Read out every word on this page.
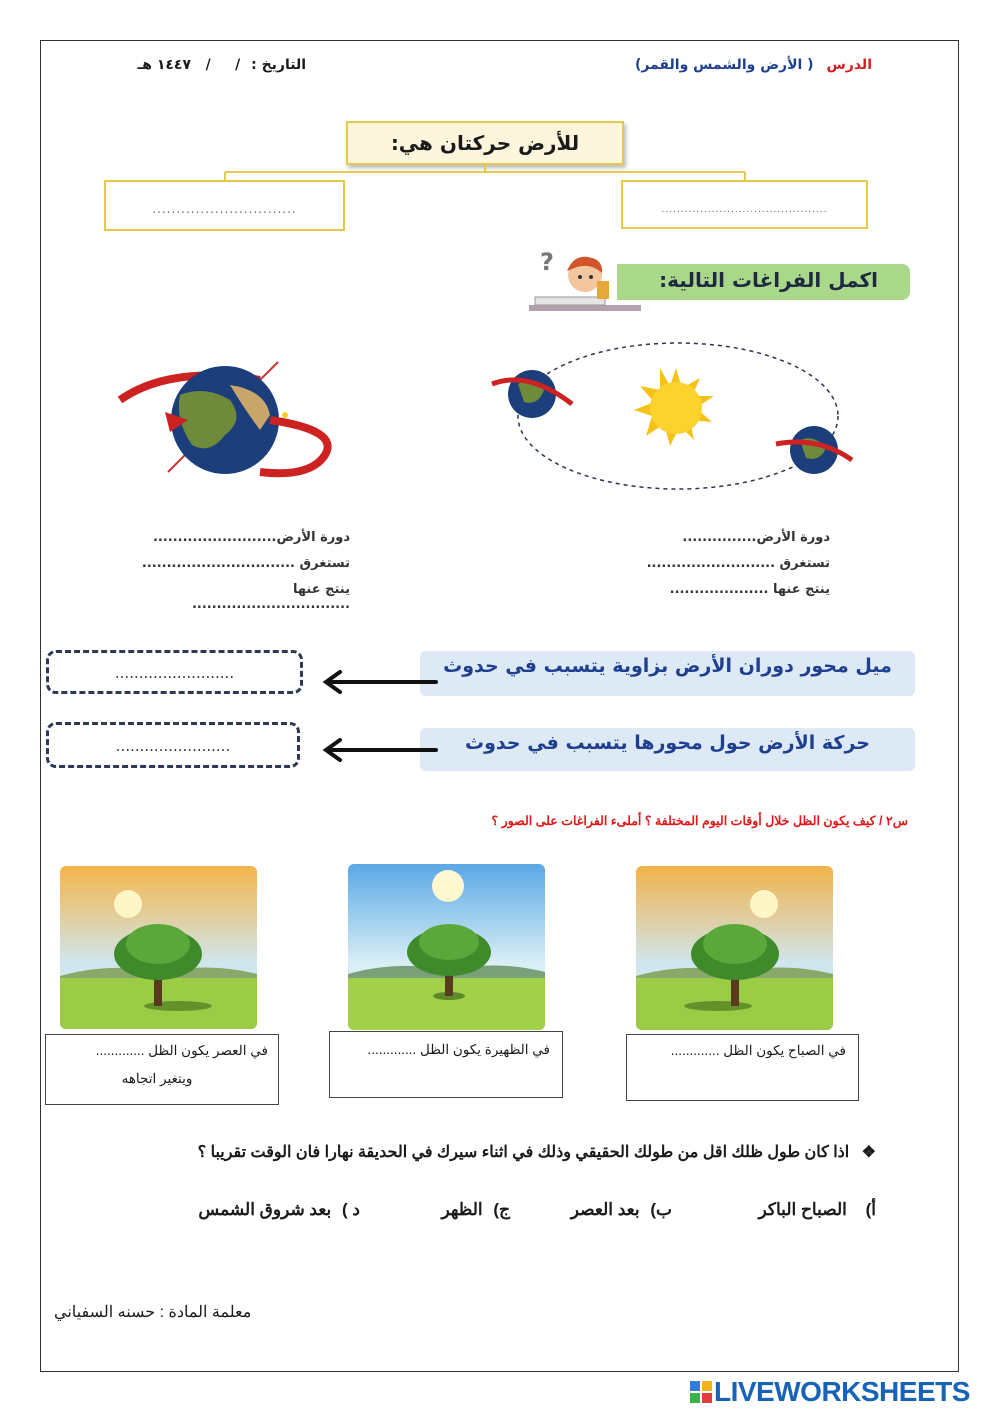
الدرس ( الأرض والشمس والقمر)
التاريخ : /     /   ١٤٤٧ هـ
للأرض حركتان هي:
..............................	...........................................
اكمل الفراغات التالية:
?
دورة الأرض.........................
تستغرق ...............................
ينتج عنها ................................
دورة الأرض...............
تستغرق ..........................
ينتج عنها ....................
ميل محور دوران الأرض بزاوية يتسبب في حدوث
.........................
حركة الأرض حول محورها يتسبب في حدوث
........................
س٢ / كيف يكون الظل خلال أوقات اليوم المختلفة ؟ أملىء الفراغات على الصور ؟
في العصر يكون الظل .............
ويتغير اتجاهه
في الظهيرة يكون الظل .............	في الصباح يكون الظل .............
❖ اذا كان طول ظلك اقل من طولك الحقيقي وذلك في اثناء سيرك في الحديقة نهارا فان الوقت تقريبا ؟
أ) الصباح الباكر
ب) بعد العصر
ج) الظهر
د ) بعد شروق الشمس
معلمة المادة : حسنه السفياني
LIVEWORKSHEETS
